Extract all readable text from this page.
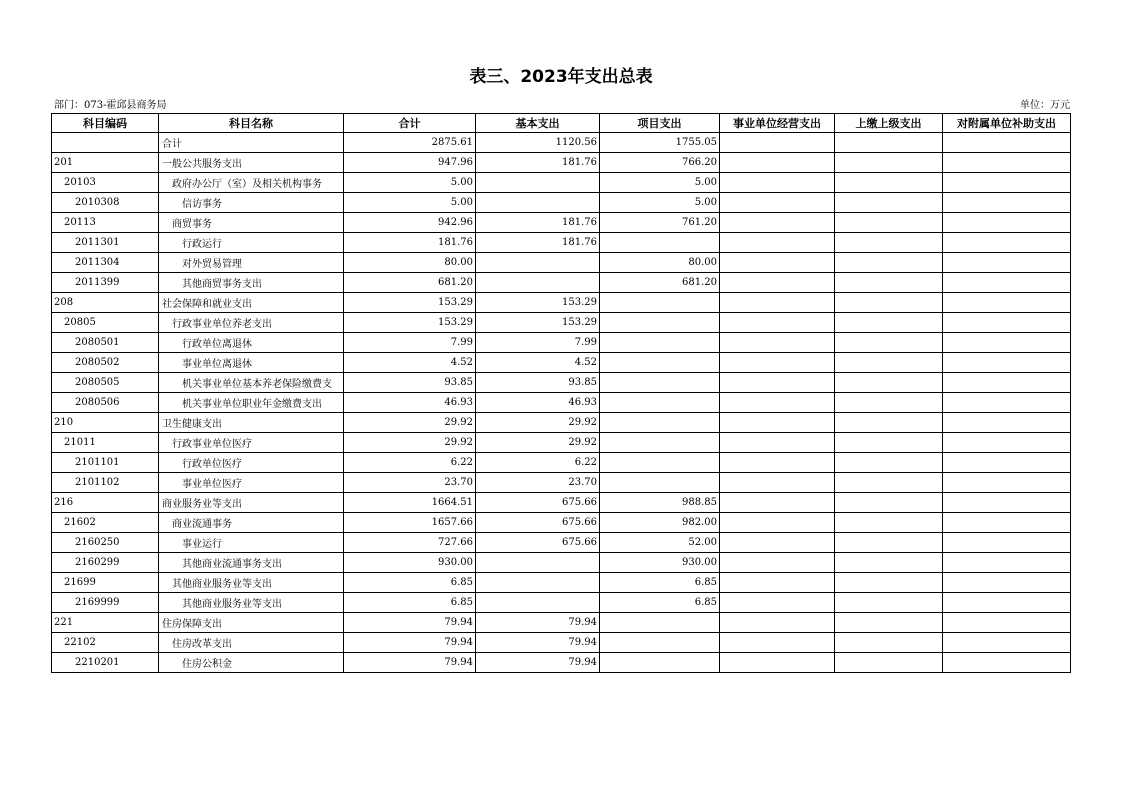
表三、2023年支出总表
部门：073-霍邱县商务局	单位：万元
科目编码	科目名称	合计	基本支出	项目支出	事业单位经营支出	上缴上级支出	对附属单位补助支出
	合计	2875.61	1120.56	1755.05			
201	一般公共服务支出	947.96	181.76	766.20			
20103	政府办公厅（室）及相关机构事务	5.00		5.00			
2010308	信访事务	5.00		5.00			
20113	商贸事务	942.96	181.76	761.20			
2011301	行政运行	181.76	181.76				
2011304	对外贸易管理	80.00		80.00			
2011399	其他商贸事务支出	681.20		681.20			
208	社会保障和就业支出	153.29	153.29				
20805	行政事业单位养老支出	153.29	153.29				
2080501	行政单位离退休	7.99	7.99				
2080502	事业单位离退休	4.52	4.52				
2080505	机关事业单位基本养老保险缴费支	93.85	93.85				
2080506	机关事业单位职业年金缴费支出	46.93	46.93				
210	卫生健康支出	29.92	29.92				
21011	行政事业单位医疗	29.92	29.92				
2101101	行政单位医疗	6.22	6.22				
2101102	事业单位医疗	23.70	23.70				
216	商业服务业等支出	1664.51	675.66	988.85			
21602	商业流通事务	1657.66	675.66	982.00			
2160250	事业运行	727.66	675.66	52.00			
2160299	其他商业流通事务支出	930.00		930.00			
21699	其他商业服务业等支出	6.85		6.85			
2169999	其他商业服务业等支出	6.85		6.85			
221	住房保障支出	79.94	79.94				
22102	住房改革支出	79.94	79.94				
2210201	住房公积金	79.94	79.94				
